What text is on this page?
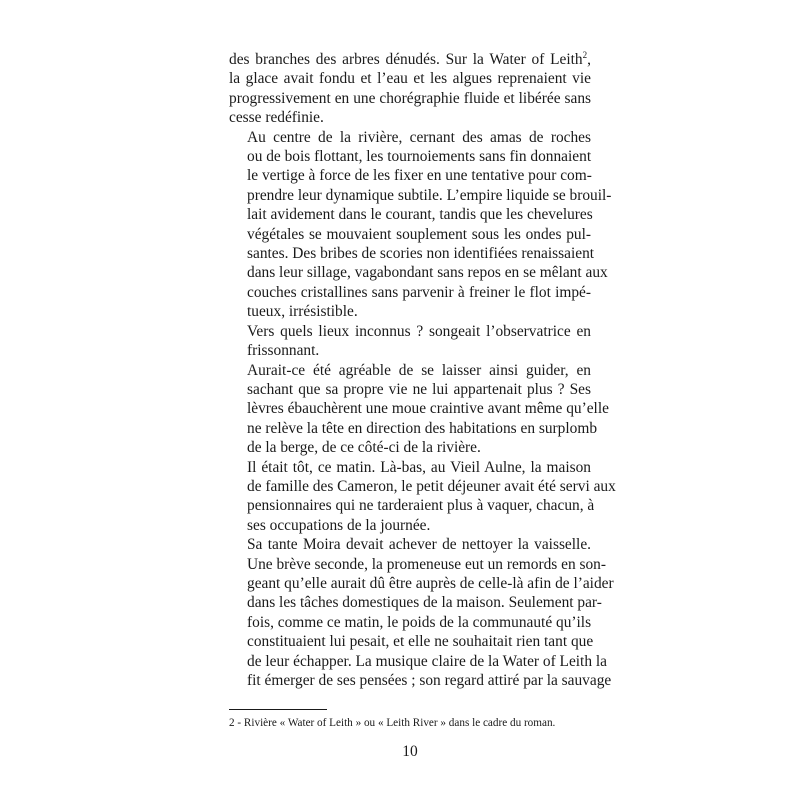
des branches des arbres dénudés. Sur la Water of Leith$^2$,
la glace avait fondu et l’eau et les algues reprenaient vie
progressivement en une chorégraphie fluide et libérée sans
cesse redéfinie.

Au centre de la rivière, cernant des amas de roches
ou de bois flottant, les tournoiements sans fin donnaient
le vertige à force de les fixer en une tentative pour com-
prendre leur dynamique subtile. L’empire liquide se brouil-
lait avidement dans le courant, tandis que les chevelures
végétales se mouvaient souplement sous les ondes pul-
santes. Des bribes de scories non identifiées renaissaient
dans leur sillage, vagabondant sans repos en se mêlant aux
couches cristallines sans parvenir à freiner le flot impé-
tueux, irrésistible.

Vers quels lieux inconnus ? songeait l’observatrice en
frissonnant.

Aurait-ce été agréable de se laisser ainsi guider, en
sachant que sa propre vie ne lui appartenait plus ? Ses
lèvres ébauchèrent une moue craintive avant même qu’elle
ne relève la tête en direction des habitations en surplomb
de la berge, de ce côté-ci de la rivière.

Il était tôt, ce matin. Là-bas, au Vieil Aulne, la maison
de famille des Cameron, le petit déjeuner avait été servi aux
pensionnaires qui ne tarderaient plus à vaquer, chacun, à
ses occupations de la journée.

Sa tante Moira devait achever de nettoyer la vaisselle.
Une brève seconde, la promeneuse eut un remords en son-
geant qu’elle aurait dû être auprès de celle-là afin de l’aider
dans les tâches domestiques de la maison. Seulement par-
fois, comme ce matin, le poids de la communauté qu’ils
constituaient lui pesait, et elle ne souhaitait rien tant que
de leur échapper. La musique claire de la Water of Leith la
fit émerger de ses pensées ; son regard attiré par la sauvage

2 - Rivière « Water of Leith » ou « Leith River » dans le cadre du roman.
10
